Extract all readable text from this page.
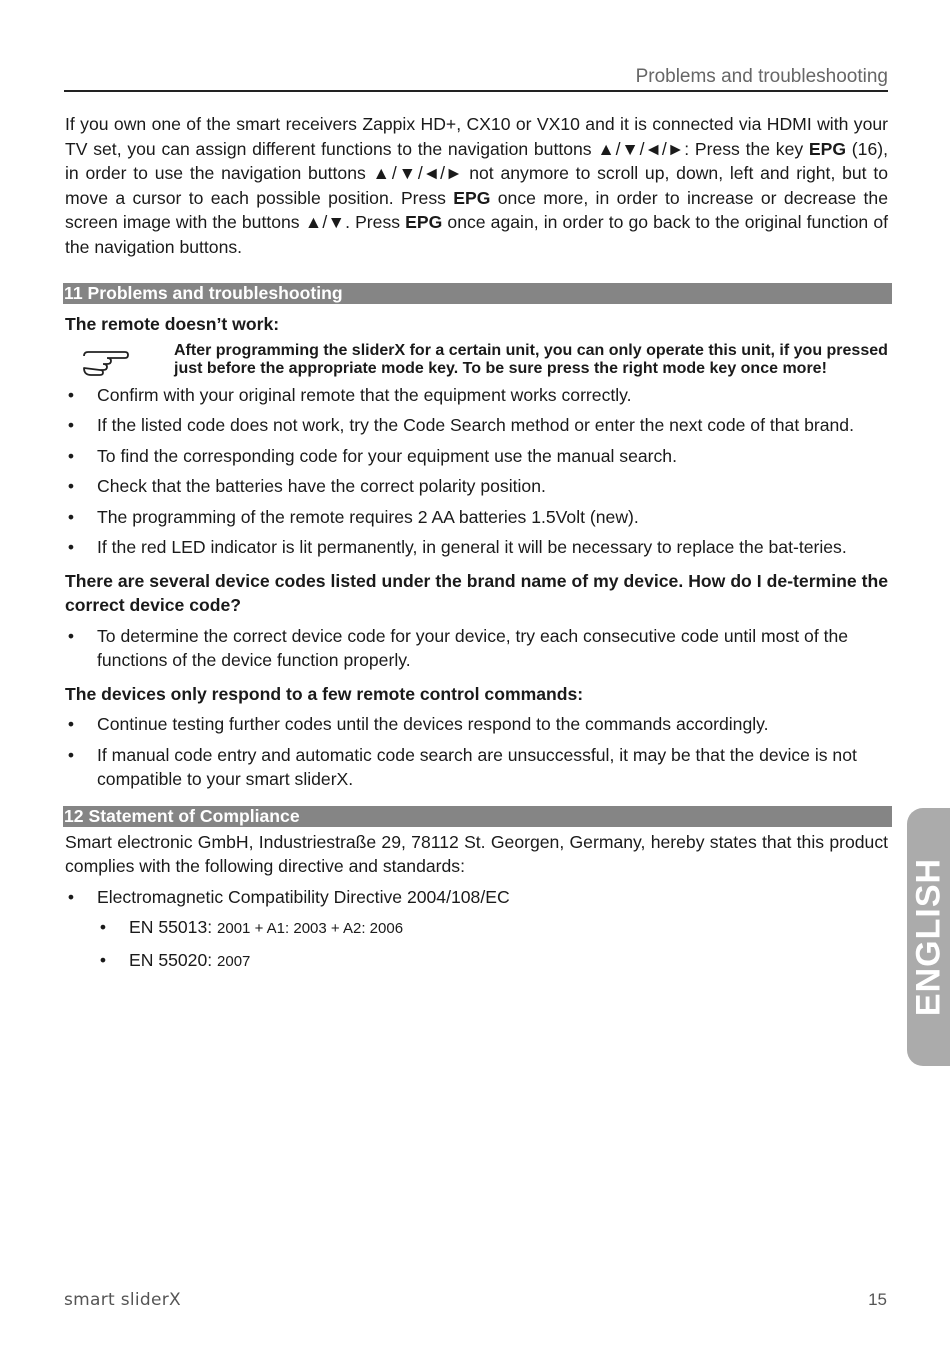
Problems and troubleshooting

If you own one of the smart receivers Zappix HD+, CX10 or VX10 and it is connected via HDMI with your TV set, you can assign different functions to the navigation buttons ▲/▼/◄/►: Press the key EPG (16), in order to use the navigation buttons ▲/▼/◄/► not anymore to scroll up, down, left and right, but to move a cursor to each possible position. Press EPG once more, in order to increase or decrease the screen image with the buttons ▲/▼. Press EPG once again, in order to go back to the original function of the navigation buttons.

11 Problems and troubleshooting

The remote doesn’t work:

After programming the sliderX for a certain unit, you can only operate this unit, if you pressed just before the appropriate mode key. To be sure press the right mode key once more!
• Confirm with your original remote that the equipment works correctly.
• If the listed code does not work, try the Code Search method or enter the next code of that brand.
• To find the corresponding code for your equipment use the manual search.
• Check that the batteries have the correct polarity position.
• The programming of the remote requires 2 AA batteries 1.5Volt (new).
• If the red LED indicator is lit permanently, in general it will be necessary to replace the bat-teries.

There are several device codes listed under the brand name of my device. How do I de-termine the correct device code?

• To determine the correct device code for your device, try each consecutive code until most of the functions of the device function properly.

The devices only respond to a few remote control commands:

• Continue testing further codes until the devices respond to the commands accordingly.
• If manual code entry and automatic code search are unsuccessful, it may be that the device is not compatible to your smart sliderX.
12 Statement of Compliance

Smart electronic GmbH, Industriestraße 29, 78112 St. Georgen, Germany, hereby states that this product complies with the following directive and standards:

• Electromagnetic Compatibility Directive 2004/108/EC
• EN 55013: 2001 + A1: 2003 + A2: 2006
• EN 55020: 2007	ENGLISH
smart sliderX	15
